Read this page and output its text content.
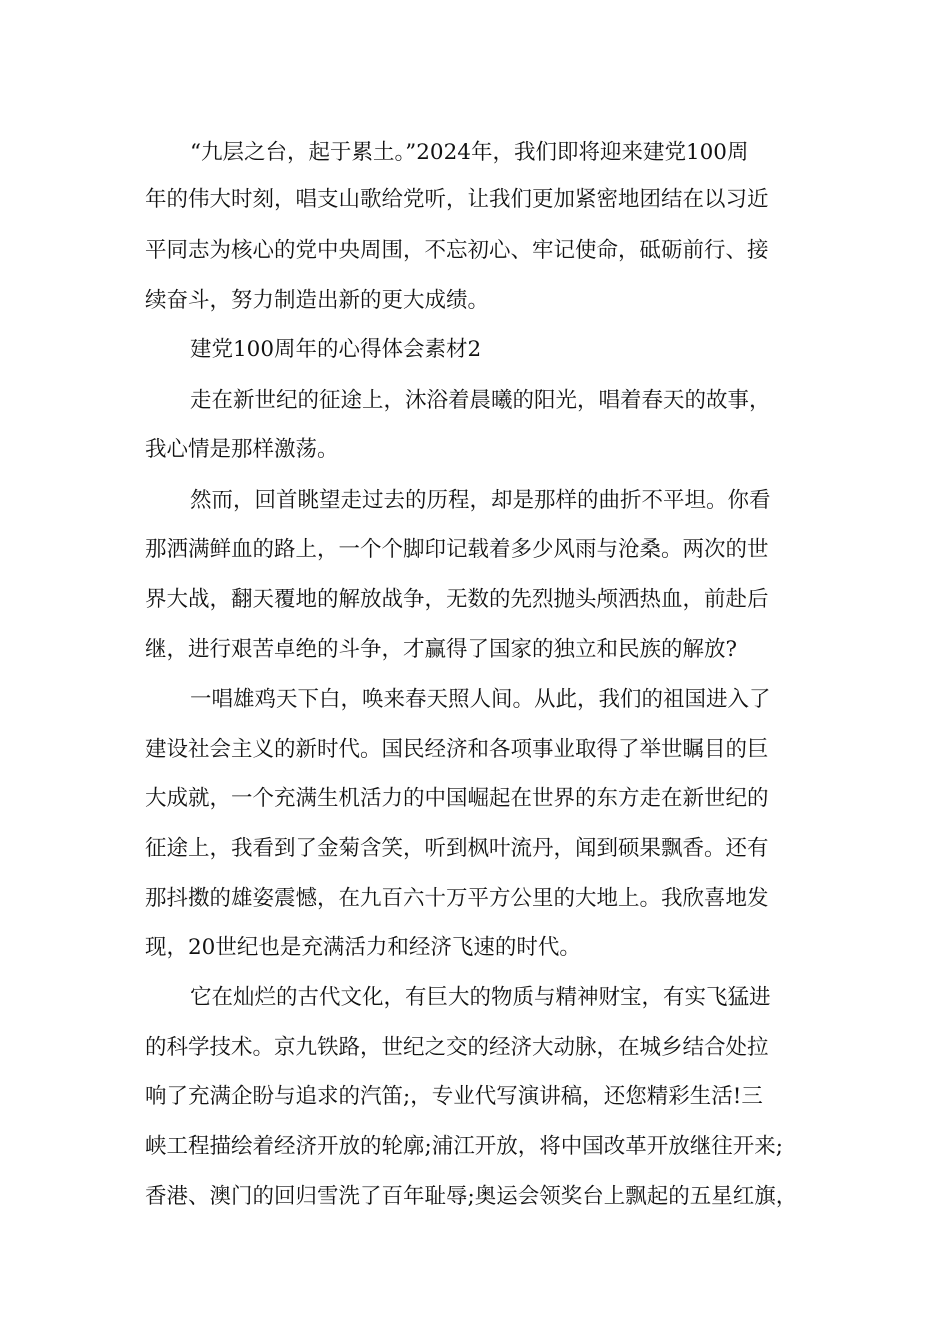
“九层之台，起于累土。”2024年，我们即将迎来建党100周
年的伟大时刻，唱支山歌给党听，让我们更加紧密地团结在以习近
平同志为核心的党中央周围，不忘初心、牢记使命，砥砺前行、接
续奋斗，努力制造出新的更大成绩。
建党100周年的心得体会素材2
走在新世纪的征途上，沐浴着晨曦的阳光，唱着春天的故事，
我心情是那样激荡。
然而，回首眺望走过去的历程，却是那样的曲折不平坦。你看
那洒满鲜血的路上，一个个脚印记载着多少风雨与沧桑。两次的世
界大战，翻天覆地的解放战争，无数的先烈抛头颅洒热血，前赴后
继，进行艰苦卓绝的斗争，才赢得了国家的独立和民族的解放?
一唱雄鸡天下白，唤来春天照人间。从此，我们的祖国进入了
建设社会主义的新时代。国民经济和各项事业取得了举世瞩目的巨
大成就，一个充满生机活力的中国崛起在世界的东方走在新世纪的
征途上，我看到了金菊含笑，听到枫叶流丹，闻到硕果飘香。还有
那抖擞的雄姿震憾，在九百六十万平方公里的大地上。我欣喜地发
现，20世纪也是充满活力和经济飞速的时代。
它在灿烂的古代文化，有巨大的物质与精神财宝，有实飞猛进
的科学技术。京九铁路，世纪之交的经济大动脉，在城乡结合处拉
响了充满企盼与追求的汽笛;，专业代写演讲稿，还您精彩生活!三
峡工程描绘着经济开放的轮廓;浦江开放，将中国改革开放继往开来;
香港、澳门的回归雪洗了百年耻辱;奥运会领奖台上飘起的五星红旗，
